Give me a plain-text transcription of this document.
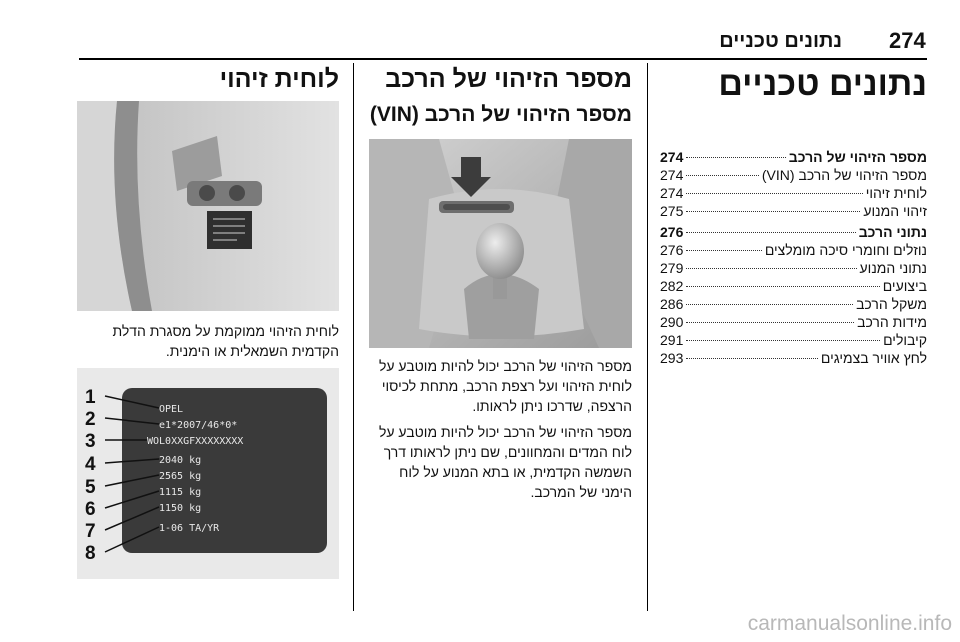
274
נתונים טכניים
נתונים טכניים
מספר הזיהוי של הרכב
274
מספר הזיהוי של הרכב (VIN)
274
לוחית זיהוי
274
זיהוי המנוע
275
נתוני הרכב
276
נוזלים וחומרי סיכה מומלצים
276
נתוני המנוע
279
ביצועים
282
משקל הרכב
286
מידות הרכב
290
קיבולים
291
לחץ אוויר בצמיגים
293
מספר הזיהוי של הרכב
מספר הזיהוי של הרכב (VIN)

מספר הזיהוי של הרכב יכול להיות מוטבע על לוחית הזיהוי ועל רצפת הרכב, מתחת לכיסוי הרצפה, שדרכו ניתן לראותו.

מספר הזיהוי של הרכב יכול להיות מוטבע על לוח המדים והמחוונים, שם ניתן לראותו דרך השמשה הקדמית, או בתא המנוע על לוח הימני של המרכב.

לוחית זיהוי

לוחית הזיהוי ממוקמת על מסגרת הדלת הקדמית השמאלית או הימנית.

OPEL
e1*2007/46*0*
WOL0XXGFXXXXXXXX
2040 kg
2565 kg
1115 kg
1150 kg
1-06 TA/YR
1
2
3
4
5
6
7
8
carmanualsonline.info
